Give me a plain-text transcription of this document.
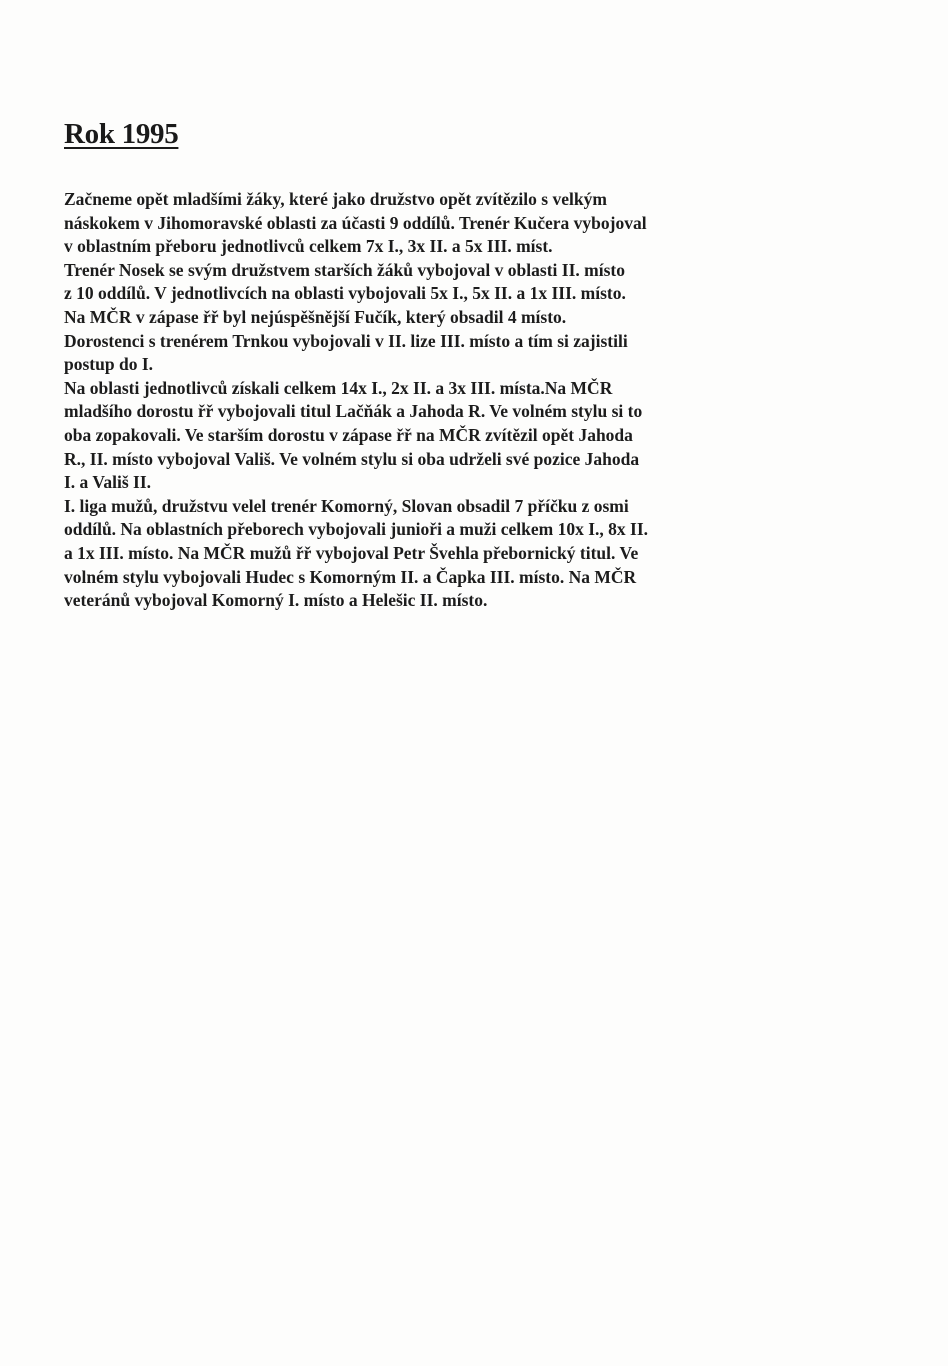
Rok 1995
Začneme opět mladšími žáky, které jako družstvo opět zvítězilo s velkým
náskokem v Jihomoravské oblasti za účasti 9 oddílů. Trenér Kučera vybojoval
v oblastním přeboru jednotlivců celkem 7x I., 3x II. a 5x III. míst.
Trenér Nosek se svým družstvem starších žáků vybojoval v oblasti II. místo
z 10 oddílů. V jednotlivcích na oblasti vybojovali 5x I., 5x II. a 1x III. místo.
Na MČR v zápase řř byl nejúspěšnější Fučík, který obsadil 4 místo.
Dorostenci s trenérem Trnkou vybojovali v II. lize III. místo a tím si zajistili
postup do I.
Na oblasti jednotlivců získali celkem 14x I., 2x II. a 3x III. místa.Na MČR
mladšího dorostu řř vybojovali titul Lačňák a Jahoda R. Ve volném stylu si to
oba zopakovali. Ve starším dorostu v zápase řř na MČR zvítězil opět Jahoda
R., II. místo vybojoval Vališ. Ve volném stylu si oba udrželi své pozice Jahoda
I. a Vališ II.
I. liga mužů, družstvu velel trenér Komorný, Slovan obsadil 7 příčku z osmi
oddílů. Na oblastních přeborech vybojovali junioři a muži celkem 10x I., 8x II.
a 1x III. místo. Na MČR mužů řř vybojoval Petr Švehla přebornický titul. Ve
volném stylu vybojovali Hudec s Komorným II. a Čapka III. místo. Na MČR
veteránů vybojoval Komorný I. místo a Helešic II. místo.
